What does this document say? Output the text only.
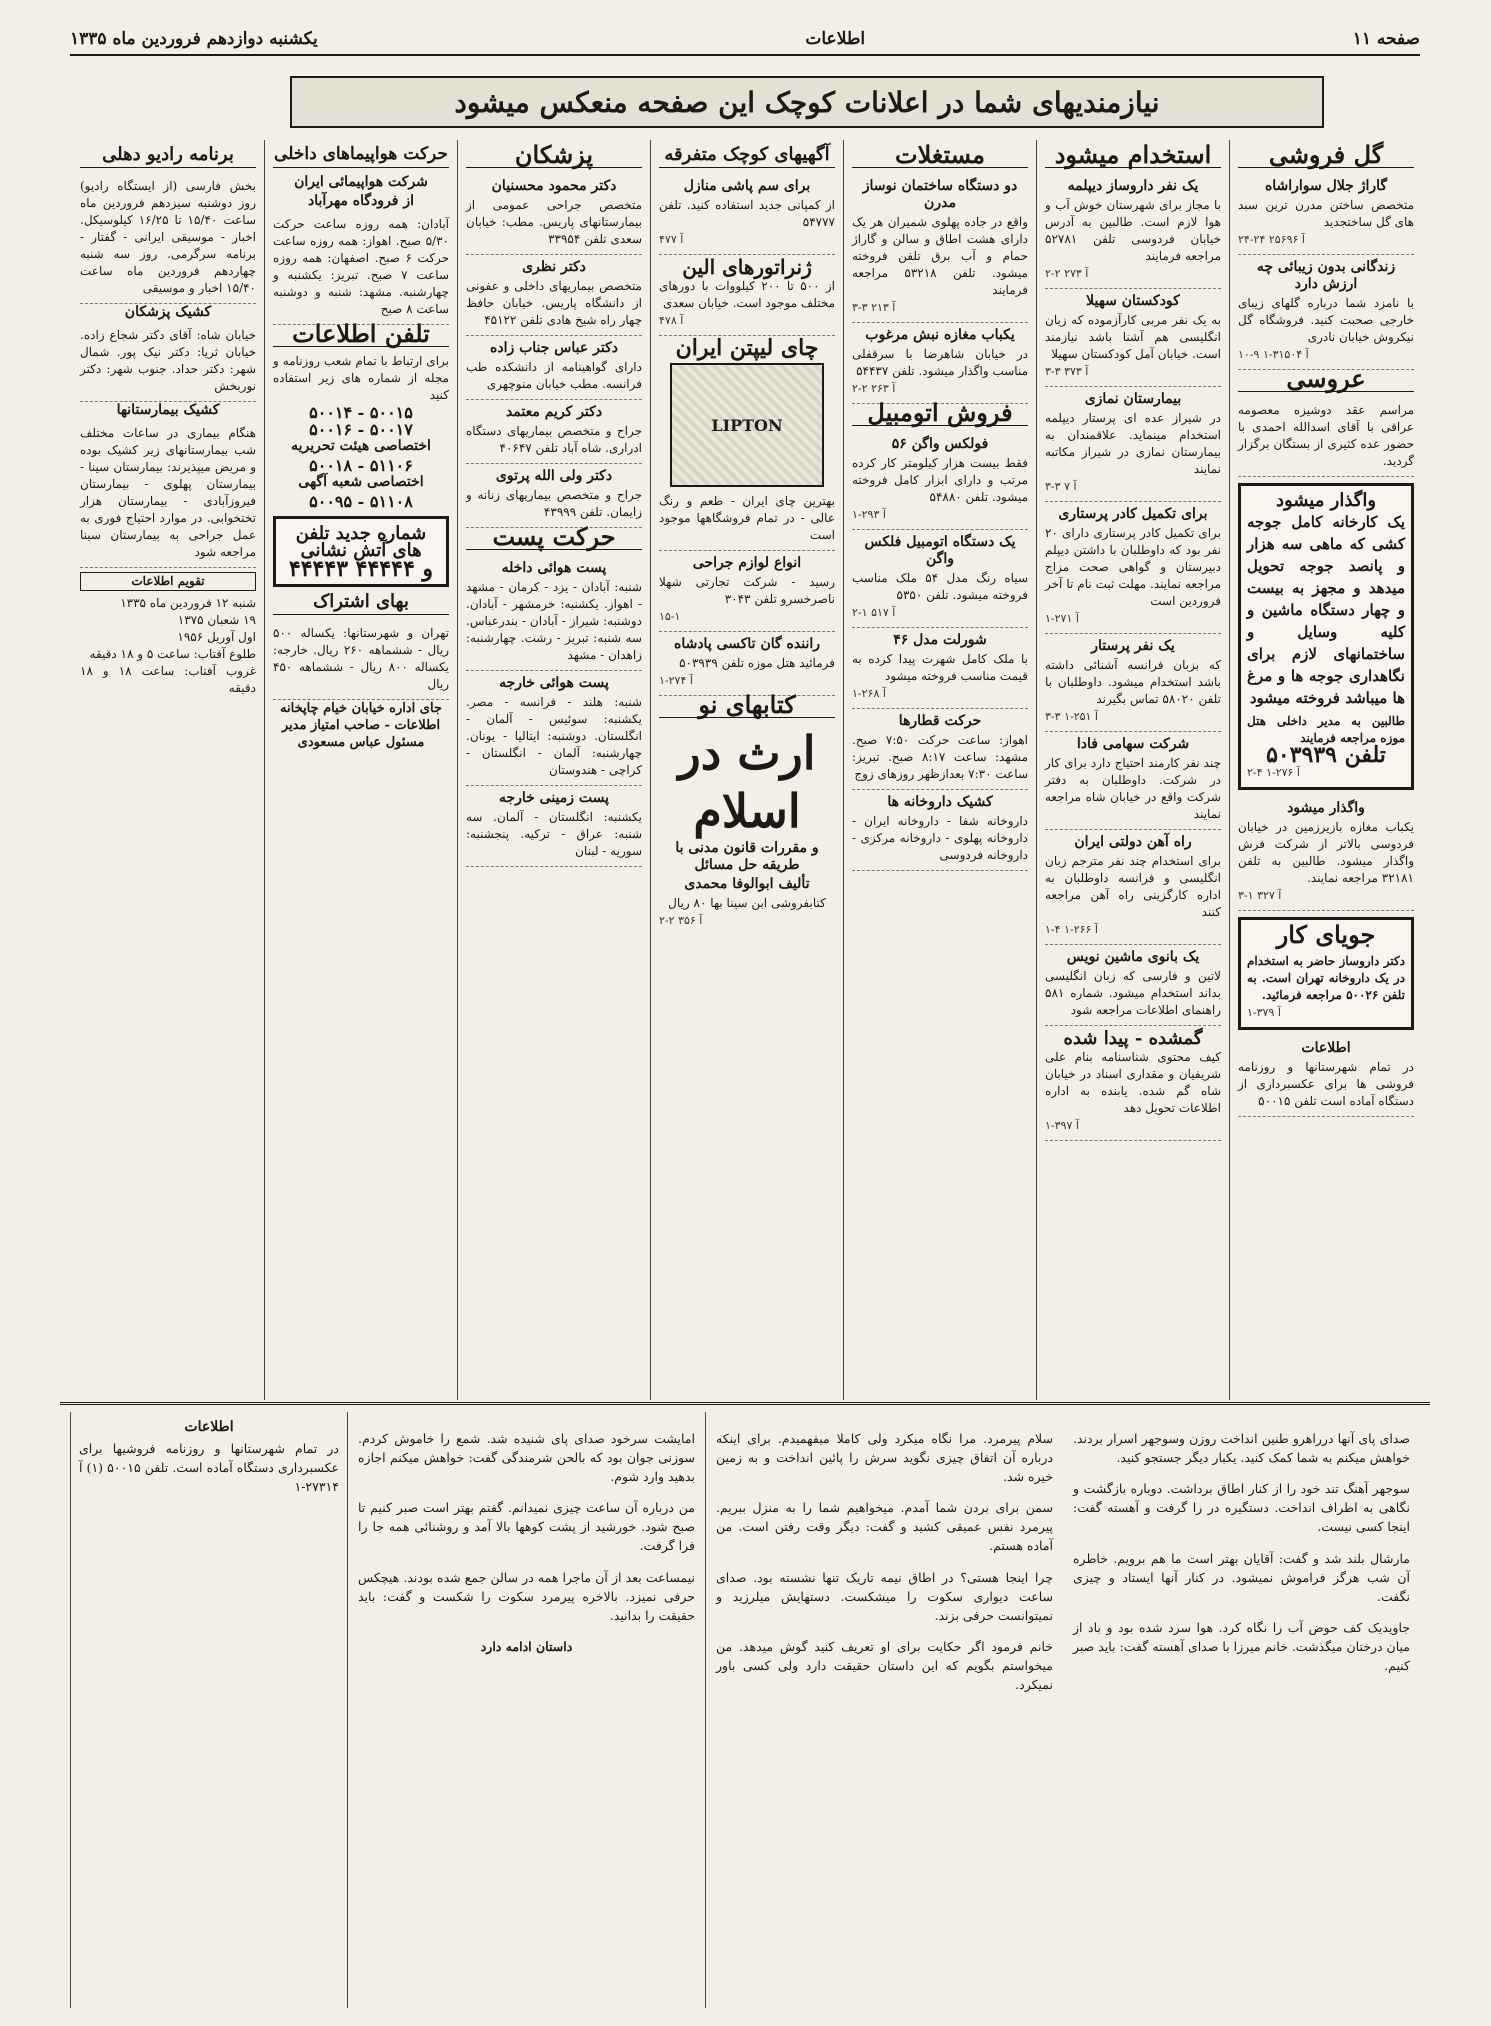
صفحه ۱۱
اطلاعات
یکشنبه دوازدهم فروردین ماه ۱۳۳۵
نیازمندیهای شما در اعلانات کوچک این صفحه منعکس میشود
گل فروشی
گاراژ جلال سواراشاه
متخصص ساختن مدرن ترین سبد های گل ساختجدید
آ ۲۵۶۹۶ ۲۴-۲۴
زندگانی بدون زیبائی چه ارزش دارد
با نامزد شما درباره گلهای زیبای خارجی صحبت کنید. فروشگاه گل نیکروش خیابان نادری
۱۰-۹ آ ۳۱۵۰۴-۱
عروسی
مراسم عقد دوشیزه معصومه عراقی با آقای اسدالله احمدی با حضور عده کثیری از بستگان برگزار گردید.
واگذار میشود
یک کارخانه کامل جوجه کشی که ماهی سه هزار و پانصد جوجه تحویل میدهد و مجهز به بیست و چهار دستگاه ماشین و کلیه وسایل و ساختمانهای لازم برای نگاهداری جوجه ها و مرغ ها میباشد فروخته میشود
طالبین به مدیر داخلی هتل موزه مراجعه فرمایند
تلفن ۵۰۳۹۳۹
آ ۲۷۶-۱ ۴-۲
واگذار میشود
یکباب مغازه بازیرزمین در خیابان فردوسی بالاتر از شرکت فرش واگذار میشود. طالبین به تلفن ۳۲۱۸۱ مراجعه نمایند.
آ ۳۲۷ ۱-۳
جویای کار
دکتر داروساز حاضر به استخدام در یک داروخانه تهران است. به تلفن ۵۰۰۲۶ مراجعه فرمائید.
آ ۳۷۹-۱
اطلاعات
در تمام شهرستانها و روزنامه فروشی ها برای عکسبرداری از دستگاه آماده است تلفن ۵۰۰۱۵
استخدام میشود
یک نفر داروساز دیپلمه
با مجاز برای شهرستان خوش آب و هوا لازم است. طالبین به آدرس خیابان فردوسی تلفن ۵۲۷۸۱ مراجعه فرمایند
آ ۲۷۳ ۲-۲
کودکستان سهیلا
به یک نفر مربی کارآزموده که زبان انگلیسی هم آشنا باشد نیازمند است. خیابان آمل کودکستان سهیلا
آ ۳۷۳ ۳-۳
بیمارستان نمازی
در شیراز عده ای پرستار دیپلمه استخدام مینماید. علاقمندان به بیمارستان نمازی در شیراز مکاتبه نمایند
آ ۷ ۳-۳
برای تکمیل کادر پرستاری
برای تکمیل کادر پرستاری دارای ۲۰ نفر بود که داوطلبان با داشتن دیپلم دبیرستان و گواهی صحت مزاج مراجعه نمایند. مهلت ثبت نام تا آخر فروردین است
آ ۲۷۱-۱
یک نفر پرستار
که بزبان فرانسه آشنائی داشته باشد استخدام میشود. داوطلبان با تلفن ۵۸۰۲۰ تماس بگیرند
آ ۲۵۱-۱ ۳-۳
شرکت سهامی فادا
چند نفر کارمند احتیاج دارد برای کار در شرکت. داوطلبان به دفتر شرکت واقع در خیابان شاه مراجعه نمایند
راه آهن دولتی ایران
برای استخدام چند نفر مترجم زبان انگلیسی و فرانسه داوطلبان به اداره کارگزینی راه آهن مراجعه کنند
آ ۲۶۶-۱ ۴-۱
یک بانوی ماشین نویس
لاتین و فارسی که زبان انگلیسی بداند استخدام میشود. شماره ۵۸۱ راهنمای اطلاعات مراجعه شود
گمشده - پیدا شده
کیف محتوی شناسنامه بنام علی شریفیان و مقداری اسناد در خیابان شاه گم شده. یابنده به اداره اطلاعات تحویل دهد
آ ۳۹۷-۱
مستغلات
دو دستگاه ساختمان نوساز مدرن
واقع در جاده پهلوی شمیران هر یک دارای هشت اطاق و سالن و گاراژ حمام و آب برق تلفن فروخته میشود. تلفن ۵۳۲۱۸ مراجعه فرمایند
آ ۲۱۳ ۳-۳
یکباب مغازه نبش مرغوب
در خیابان شاهرضا با سرقفلی مناسب واگذار میشود. تلفن ۵۴۴۳۷
آ ۲۶۳ ۲-۲
فروش اتومبیل
فولکس واگن ۵۶
فقط بیست هزار کیلومتر کار کرده مرتب و دارای ابزار کامل فروخته میشود. تلفن ۵۴۸۸۰
آ ۲۹۳-۱
یک دستگاه اتومبیل فلکس واگن
سیاه رنگ مدل ۵۴ ملک مناسب فروخته میشود. تلفن ۵۳۵۰
آ ۵۱۷ ۱-۲
شورلت مدل ۴۶
با ملک کامل شهرت پیدا کرده به قیمت مناسب فروخته میشود
آ ۲۶۸-۱
حرکت قطارها
اهواز: ساعت حرکت ۷:۵۰ صبح. مشهد: ساعت ۸:۱۷ صبح. تبریز: ساعت ۷:۳۰ بعدازظهر روزهای زوج
کشیک داروخانه ها
داروخانه شفا - داروخانه ایران - داروخانه پهلوی - داروخانه مرکزی - داروخانه فردوسی
آگهیهای کوچک متفرقه
برای سم پاشی منازل
از کمپانی جدید استفاده کنید. تلفن ۵۴۷۷۷
آ ۴۷۷
ژنراتورهای الین
از ۵۰۰ تا ۲۰۰ کیلووات با دورهای مختلف موجود است. خیابان سعدی
آ ۴۷۸
چای لیپتن ایران
LIPTON
بهترین چای ایران - طعم و رنگ عالی - در تمام فروشگاهها موجود است
انواع لوازم جراحی
رسید - شرکت تجارتی شهلا ناصرخسرو تلفن ۳۰۴۳
۱۵-۱
راننده گان تاکسی پادشاه
فرمائید هتل موزه تلفن ۵۰۳۹۳۹
آ ۲۷۴-۱
کتابهای نو
ارث در اسلام
و مقررات قانون مدنی با طریقه حل مسائل
تألیف ابوالوفا محمدی
کتابفروشی ابن سینا بها ۸۰ ریال
آ ۳۵۶ ۲-۲
پزشکان
دکتر محمود محسنیان
متخصص جراحی عمومی از بیمارستانهای پاریس. مطب: خیابان سعدی تلفن ۳۳۹۵۴
دکتر نظری
متخصص بیماریهای داخلی و عفونی از دانشگاه پاریس. خیابان حافظ چهار راه شیخ هادی تلفن ۴۵۱۲۲
دکتر عباس جناب زاده
دارای گواهینامه از دانشکده طب فرانسه. مطب خیابان منوچهری
دکتر کریم معتمد
جراح و متخصص بیماریهای دستگاه ادراری. شاه آباد تلفن ۴۰۶۴۷
دکتر ولی الله پرتوی
جراح و متخصص بیماریهای زنانه و زایمان. تلفن ۴۳۹۹۹
حرکت پست
پست هوائی داخله
شنبه: آبادان - یزد - کرمان - مشهد - اهواز. یکشنبه: خرمشهر - آبادان. دوشنبه: شیراز - آبادان - بندرعباس. سه شنبه: تبریز - رشت. چهارشنبه: زاهدان - مشهد
پست هوائی خارجه
شنبه: هلند - فرانسه - مصر. یکشنبه: سوئیس - آلمان - انگلستان. دوشنبه: ایتالیا - یونان. چهارشنبه: آلمان - انگلستان - کراچی - هندوستان
پست زمینی خارجه
یکشنبه: انگلستان - آلمان. سه شنبه: عراق - ترکیه. پنجشنبه: سوریه - لبنان
حرکت هواپیماهای داخلی
شرکت هواپیمائی ایران
از فرودگاه مهرآباد
آبادان: همه روزه ساعت حرکت ۵/۳۰ صبح. اهواز: همه روزه ساعت حرکت ۶ صبح. اصفهان: همه روزه ساعت ۷ صبح. تبریز: یکشنبه و چهارشنبه. مشهد: شنبه و دوشنبه ساعت ۸ صبح
تلفن اطلاعات
برای ارتباط با تمام شعب روزنامه و مجله از شماره های زیر استفاده کنید
۵۰۰۱۴ - ۵۰۰۱۵
۵۰۰۱۶ - ۵۰۰۱۷
اختصاصی هیئت تحریریه
۵۰۰۱۸ - ۵۱۱۰۶
اختصاصی شعبه آگهی
۵۰۰۹۵ - ۵۱۱۰۸
شماره جدید تلفن های آتش نشانی
۴۴۴۴۳ و ۴۴۴۴۴
بهای اشتراک
تهران و شهرستانها: یکساله ۵۰۰ ریال - ششماهه ۲۶۰ ریال. خارجه: یکساله ۸۰۰ ریال - ششماهه ۴۵۰ ریال
جای اداره خیابان خیام چاپخانه اطلاعات - صاحب امتیاز مدیر مسئول عباس مسعودی
برنامه رادیو دهلی
بخش فارسی (از ایستگاه رادیو) روز دوشنبه سیزدهم فروردین ماه ساعت ۱۵/۴۰ تا ۱۶/۲۵ کیلوسیکل. اخبار - موسیقی ایرانی - گفتار - برنامه سرگرمی. روز سه شنبه چهاردهم فروردین ماه ساعت ۱۵/۴۰ اخبار و موسیقی
کشیک پزشکان
خیابان شاه: آقای دکتر شجاع زاده. خیابان ثریا: دکتر نیک پور. شمال شهر: دکتر حداد. جنوب شهر: دکتر نوربخش
کشیک بیمارستانها
هنگام بیماری در ساعات مختلف شب بیمارستانهای زیر کشیک بوده و مریض میپذیرند: بیمارستان سینا - بیمارستان پهلوی - بیمارستان فیروزآبادی - بیمارستان هزار تختخوابی. در موارد احتیاج فوری به عمل جراحی به بیمارستان سینا مراجعه شود
تقویم اطلاعات
شنبه ۱۲ فروردین ماه ۱۳۳۵
۱۹ شعبان ۱۳۷۵
اول آوریل ۱۹۵۶
طلوع آفتاب: ساعت ۵ و ۱۸ دقیقه
غروب آفتاب: ساعت ۱۸ و ۱۸ دقیقه
اطلاعات
در تمام شهرستانها و روزنامه فروشیها برای عکسبرداری دستگاه آماده است. تلفن ۵۰۰۱۵ (۱) آ ۲۷۳۱۴-۱

امایشت سرخود صدای پای شنیده شد. شمع را خاموش کردم. سوزنی جوان بود که بالحن شرمندگی گفت: خواهش میکنم اجازه بدهید وارد شوم.

من درباره آن ساعت چیزی نمیدانم. گفتم بهتر است صبر کنیم تا صبح شود. خورشید از پشت کوهها بالا آمد و روشنائی همه جا را فرا گرفت.

نیمساعت بعد از آن ماجرا همه در سالن جمع شده بودند. هیچکس حرفی نمیزد. بالاخره پیرمرد سکوت را شکست و گفت: باید حقیقت را بدانید.

داستان ادامه دارد

سلام پیرمرد. مرا نگاه میکرد ولی کاملا میفهمیدم. برای اینکه درباره آن اتفاق چیزی نگوید سرش را پائین انداخت و به زمین خیره شد.

سمن برای بردن شما آمدم. میخواهیم شما را به منزل ببریم. پیرمرد نفس عمیقی کشید و گفت: دیگر وقت رفتن است. من آماده هستم.

چرا اینجا هستی؟ در اطاق نیمه تاریک تنها نشسته بود. صدای ساعت دیواری سکوت را میشکست. دستهایش میلرزید و نمیتوانست حرفی بزند.

خانم فرمود اگر حکایت برای او تعریف کنید گوش میدهد. من میخواستم بگویم که این داستان حقیقت دارد ولی کسی باور نمیکرد.

صدای پای آنها درراهرو طنین انداخت روزن وسوجهر اسرار بردند. خواهش میکنم به شما کمک کنید. یکبار دیگر جستجو کنید.

سوجهر آهنگ تند خود را از کنار اطاق برداشت. دوباره بازگشت و نگاهی به اطراف انداخت. دستگیره در را گرفت و آهسته گفت: اینجا کسی نیست.

مارشال بلند شد و گفت: آقایان بهتر است ما هم برویم. خاطره آن شب هرگز فراموش نمیشود. در کنار آنها ایستاد و چیزی نگفت.

جاویدیک کف حوض آب را نگاه کرد. هوا سرد شده بود و باد از میان درختان میگذشت. خانم میرزا با صدای آهسته گفت: باید صبر کنیم.
